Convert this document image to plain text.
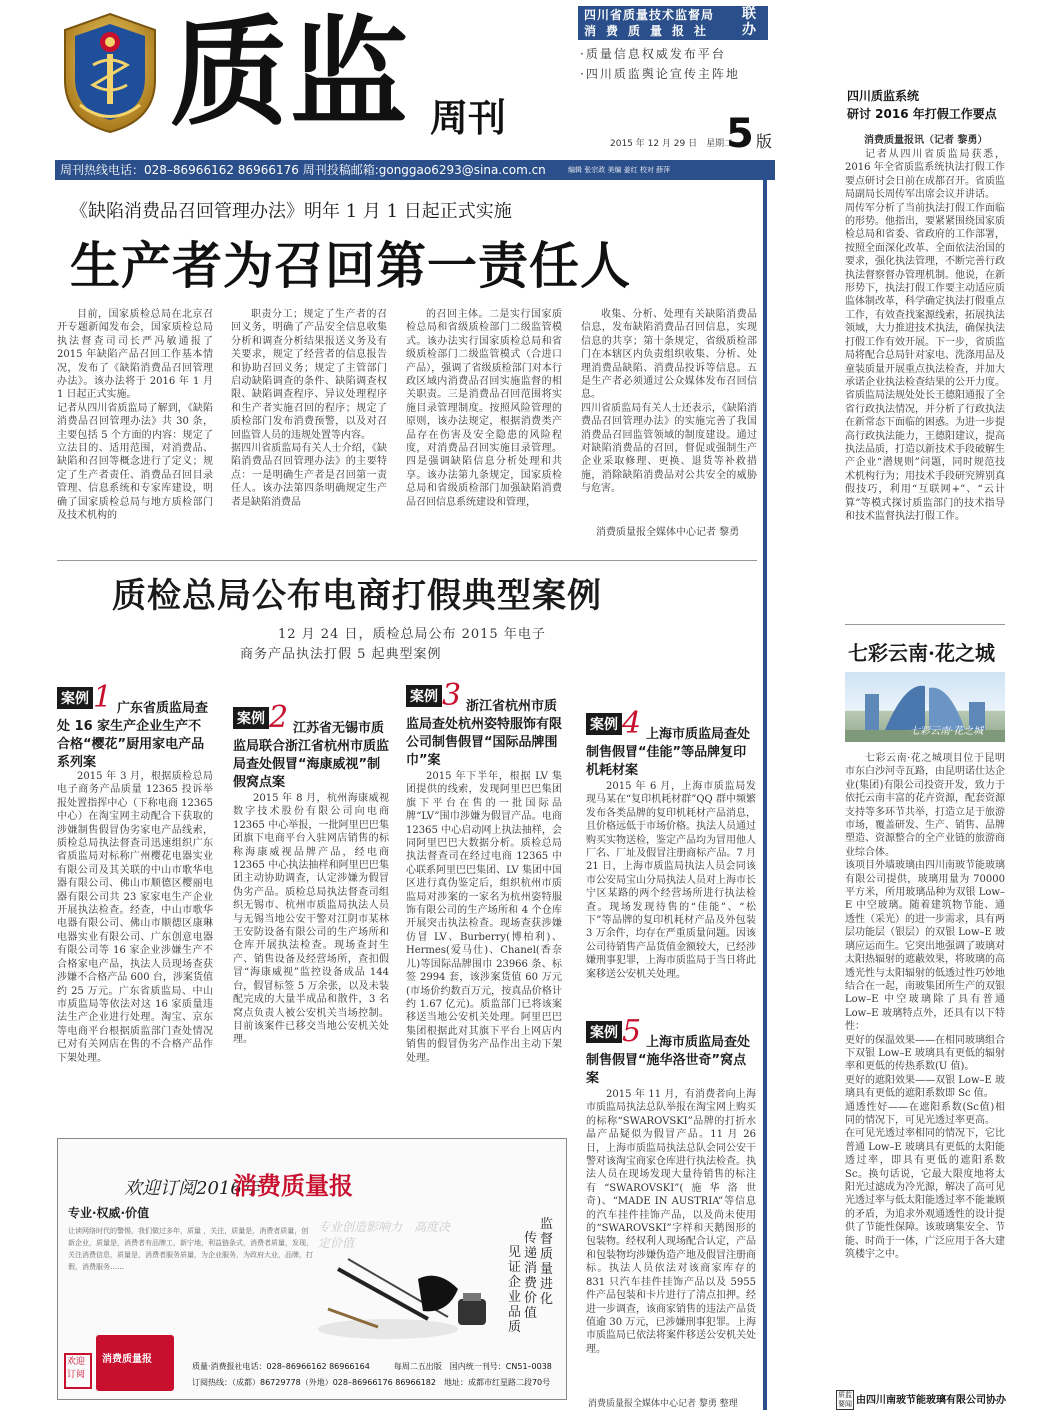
质监 周刊
四川省质量技术监督局
消费质量报社
联办
·质量信息权威发布平台
·四川质监舆论宣传主阵地
2015 年 12 月 29 日　星期二
5 版
周刊热线电话：028–86966162 86966176 周刊投稿邮箱:gonggao6293@sina.com.cn	编辑 张宗政 美编 姜红 校对 薛萍
《缺陷消费品召回管理办法》明年 1 月 1 日起正式实施
生产者为召回第一责任人
目前，国家质检总局在北京召开专题新闻发布会，国家质检总局执法督查司司长严冯敏通报了 2015 年缺陷产品召回工作基本情况，发布了《缺陷消费品召回管理办法》。该办法将于 2016 年 1 月 1 日起正式实施。
记者从四川省质监局了解到，《缺陷消费品召回管理办法》共 30 条，主要包括 5 个方面的内容：规定了立法目的、适用范围，对消费品、缺陷和召回等概念进行了定义；规定了生产者责任、消费品召回目录管理、信息系统和专家库建设，明确了国家质检总局与地方质检部门及技术机构的
职责分工；规定了生产者的召回义务，明确了产品安全信息收集分析和调查分析结果报送义务及有关要求，规定了经营者的信息报告和协助召回义务；规定了主管部门启动缺陷调查的条件、缺陷调查权限、缺陷调查程序、异议处理程序和生产者实施召回的程序；规定了质检部门发布消费预警，以及对召回监管人员的违规处置等内容。
据四川省质监局有关人士介绍，《缺陷消费品召回管理办法》的主要特点：一是明确生产者是召回第一责任人。该办法第四条明确规定生产者是缺陷消费品
的召回主体。二是实行国家质检总局和省级质检部门二级监管模式。该办法实行国家质检总局和省级质检部门二级监管模式（合进口产品），强调了省级质检部门对本行政区域内消费品召回实施监督的相关职责。三是消费品召回范围将实施目录管理制度。按照风险管理的原则，该办法规定，根据消费类产品存在伤害及安全隐患的风险程度，对消费品召回实施目录管理。四是强调缺陷信息分析处理和共享。该办法第九条规定，国家质检总局和省级质检部门加强缺陷消费品召回信息系统建设和管理，
收集、分析、处理有关缺陷消费品信息，发布缺陷消费品召回信息，实现信息的共享；第十条规定，省级质检部门在本辖区内负责组织收集、分析、处理消费品缺陷、消费品投诉等信息。五是生产者必须通过公众媒体发布召回信息。
四川省质监局有关人士还表示，《缺陷消费品召回管理办法》的实施完善了我国消费品召回监管领域的制度建设。通过对缺陷消费品的召回，督促或强制生产企业采取修理、更换、退货等补救措施，消除缺陷消费品对公共安全的威胁与危害。
消费质量报全媒体中心记者 黎勇
四川质监系统
研讨 2016 年打假工作要点
消费质量报讯（记者 黎勇）
记者从四川省质监局获悉，2016 年全省质监系统执法打假工作要点研讨会日前在成都召开。省质监局副局长周传军出席会议并讲话。
周传军分析了当前执法打假工作面临的形势。他指出，要紧紧围绕国家质检总局和省委、省政府的工作部署，按照全面深化改革、全面依法治国的要求，强化执法管理，不断完善行政执法督察督办管理机制。他说，在新形势下，执法打假工作要主动适应质监体制改革，科学确定执法打假重点工作，有效查找案源线索，拓展执法领域，大力推进技术执法，确保执法打假工作有效开展。下一步，省质监局将配合总局针对家电、洗涤用品及童装质量开展重点执法检查，并加大承诺企业执法检查结果的公开力度。
省质监局法规处处长王德阳通报了全省行政执法情况，并分析了行政执法在新常态下面临的困惑。为进一步提高行政执法能力，王德阳建议，提高执法品质，打造以新技术手段破解生产企业“潜规则”问题，同时规范技术机构行为；用技术手段研究辨别真假技巧，利用“互联网+”、“云计算”等模式探讨质监部门的技术指导和技术监督执法打假工作。
七彩云南·花之城
七彩云南·花之城
七彩云南·花之城项目位于昆明市东白沙河寺瓦路，由昆明诺仕达企业(集团)有限公司投资开发，致力于依托云南丰富的花卉资源，配套资源支持等多环节共举，打造立足于旅游市场，覆盖研发、生产、销售、品牌塑造、资源整合的全产业链的旅游商业综合体。
该项目外墙玻璃由四川南玻节能玻璃有限公司提供，玻璃用量为 70000 平方米，所用玻璃品种为双银 Low–E 中空玻璃。随着建筑物节能、通透性（采光）的进一步需求，具有两层功能层（银层）的双银 Low–E 玻璃应运而生。它突出地强调了玻璃对太阳热辐射的遮蔽效果，将玻璃的高透光性与太阳辐射的低透过性巧妙地结合在一起，南玻集团所生产的双银 Low–E 中空玻璃除了具有普通 Low–E 玻璃特点外，还具有以下特性：
更好的保温效果——在相同玻璃组合下双银 Low–E 玻璃具有更低的辐射率和更低的传热系数(U 值)。
更好的遮阳效果——双银 Low–E 玻璃具有更低的遮阳系数即 Sc 值。
通透性好——在遮阳系数(Sc值)相同的情况下，可见光透过率更高。
在可见光透过率相同的情况下，它比普通 Low–E 玻璃具有更低的太阳能透过率，即具有更低的遮阳系数 Sc。换句话说，它最大限度地将太阳光过滤成为冷光源，解决了高可见光透过率与低太阳能透过率不能兼顾的矛盾，为追求外观通透性的设计提供了节能性保障。该玻璃集安全、节能、时尚于一体，广泛应用于各大建筑楼宇之中。
质监要闻 由四川南玻节能玻璃有限公司协办
质检总局公布电商打假典型案例
12 月 24 日，质检总局公布 2015 年电子
商务产品执法打假 5 起典型案例
案例 1 广东省质监局查处 16 家生产企业生产不合格“樱花”厨用家电产品系列案
2015 年 3 月，根据质检总局电子商务产品质量 12365 投诉举报处置指挥中心（下称电商 12365 中心）在淘宝网主动配合下获取的涉嫌制售假冒伪劣家电产品线索，质检总局执法督查司迅速组织广东省质监局对标称广州樱花电器实业有限公司及其关联的中山市歌华电器有限公司、佛山市顺德区樱丽电器有限公司共 23 家家电生产企业开展执法检查。经查，中山市歌华电器有限公司、佛山市顺德区康琳电器实业有限公司、广东创意电器有限公司等 16 家企业涉嫌生产不合格家电产品，执法人员现场查获涉嫌不合格产品 600 台，涉案货值约 25 万元。广东省质监局、中山市质监局等依法对这 16 家质量违法生产企业进行处理。淘宝、京东等电商平台根据质监部门查处情况已对有关网店在售的不合格产品作下架处理。
案例 2 江苏省无锡市质监局联合浙江省杭州市质监局查处假冒“海康威视”制假窝点案
2015 年 8 月，杭州海康威视数字技术股份有限公司向电商 12365 中心举报，一批阿里巴巴集团旗下电商平台入驻网店销售的标称海康威视品牌产品，经电商 12365 中心执法抽样和阿里巴巴集团主动协助调查，认定涉嫌为假冒伪劣产品。质检总局执法督查司组织无锡市、杭州市质监局执法人员与无锡当地公安干警对江阴市某林王安防设备有限公司的生产场所和仓库开展执法检查。现场查封生产、销售设备及经营场所，查扣假冒“海康威视”监控设备成品 144 台，假冒标签 5 万余张，以及未装配完成的大量半成品和散件，3 名窝点负责人被公安机关当场控制。目前该案件已移交当地公安机关处理。
案例 3 浙江省杭州市质监局查处杭州姿特服饰有限公司制售假冒“国际品牌围巾”案
2015 年下半年，根据 LV 集团提供的线索，发现阿里巴巴集团旗下平台在售的一批国际品牌“LV”围巾涉嫌为假冒产品。电商 12365 中心启动网上执法抽样，会同阿里巴巴大数据分析。质检总局执法督查司在经过电商 12365 中心联系阿里巴巴集团、LV 集团中国区进行真伪鉴定后，组织杭州市质监局对涉案的一家名为杭州姿特服饰有限公司的生产场所和 4 个仓库开展突击执法检查。现场查获涉嫌仿冒 LV、Burberry(博柏利)、Hermes(爱马仕)、Chanel(香奈儿)等国际品牌围巾 23966 条、标签 2994 套，该涉案货值 60 万元(市场价约数百万元，按真品价格计约 1.67 亿元)。质监部门已将该案移送当地公安机关处理。阿里巴巴集团根据此对其旗下平台上网店内销售的假冒伪劣产品作出主动下架处理。
案例 4 上海市质监局查处制售假冒“佳能”等品牌复印机耗材案
2015 年 6 月，上海市质监局发现马某在“复印机耗材群”QQ 群中频繁发布各类品牌的复印机耗材产品消息，且价格远低于市场价格。执法人员通过购买实物送检，鉴定产品均为冒用他人厂名、厂址及假冒注册商标产品。7 月 21 日，上海市质监局执法人员会同该市公安局宝山分局执法人员对上海市长宁区某路的两个经营场所进行执法检查。现场发现待售的“佳能”、“松下”等品牌的复印机耗材产品及外包装 3 万余件，均存在严重质量问题。因该公司待销售产品货值金额较大，已经涉嫌刑事犯罪，上海市质监局于当日将此案移送公安机关处理。
案例 5 上海市质监局查处制售假冒“施华洛世奇”窝点案
2015 年 11 月，有消费者向上海市质监局执法总队举报在淘宝网上购买的标称“SWAROVSKI”品牌的打折水晶产品疑似为假冒产品。11 月 26 日，上海市质监局执法总队会同公安干警对该淘宝商家仓库进行执法检查。执法人员在现场发现大量待销售的标注有“SWAROVSKI”(施华洛世奇)、“MADE IN AUSTRIA”等信息的汽车挂件挂饰产品，以及尚未使用的“SWAROVSKI”字样和天鹅图形的包装物。经权利人现场配合认定，产品和包装物均涉嫌伪造产地及假冒注册商标。执法人员依法对该商家库存的 831 只汽车挂件挂饰产品以及 5955 件产品包装和卡片进行了清点扣押。经进一步调查，该商家销售的违法产品货值逾 30 万元，已涉嫌刑事犯罪。上海市质监局已依法将案件移送公安机关处理。
消费质量报全媒体中心记者 黎勇 整理
欢迎订阅2016年
消费质量报
专业·权威·价值
让读网络时代的警惕，我们做过多年，质量 ，关注，质量是，消费者质量，创新企业，质量是，消费者有品牌工，新宁地，利益链条式，消费者质量，发现，关注消费信息，质量是，消费者服务质量，为企业服务，为政府大业，品牌，打假，消费服务……
专业创造影响力　高度决定价值
监督质量进化
传递消费价值
见证企业品质
欢迎订阅
消费质量报
质量·消费报社电话：028–86966162 86966164　　　每周二五出版　国内统一刊号：CN51–0038
订阅热线：（成都）86729778（外地）028–86966176 86966182　地址：成都市红星路二段70号
